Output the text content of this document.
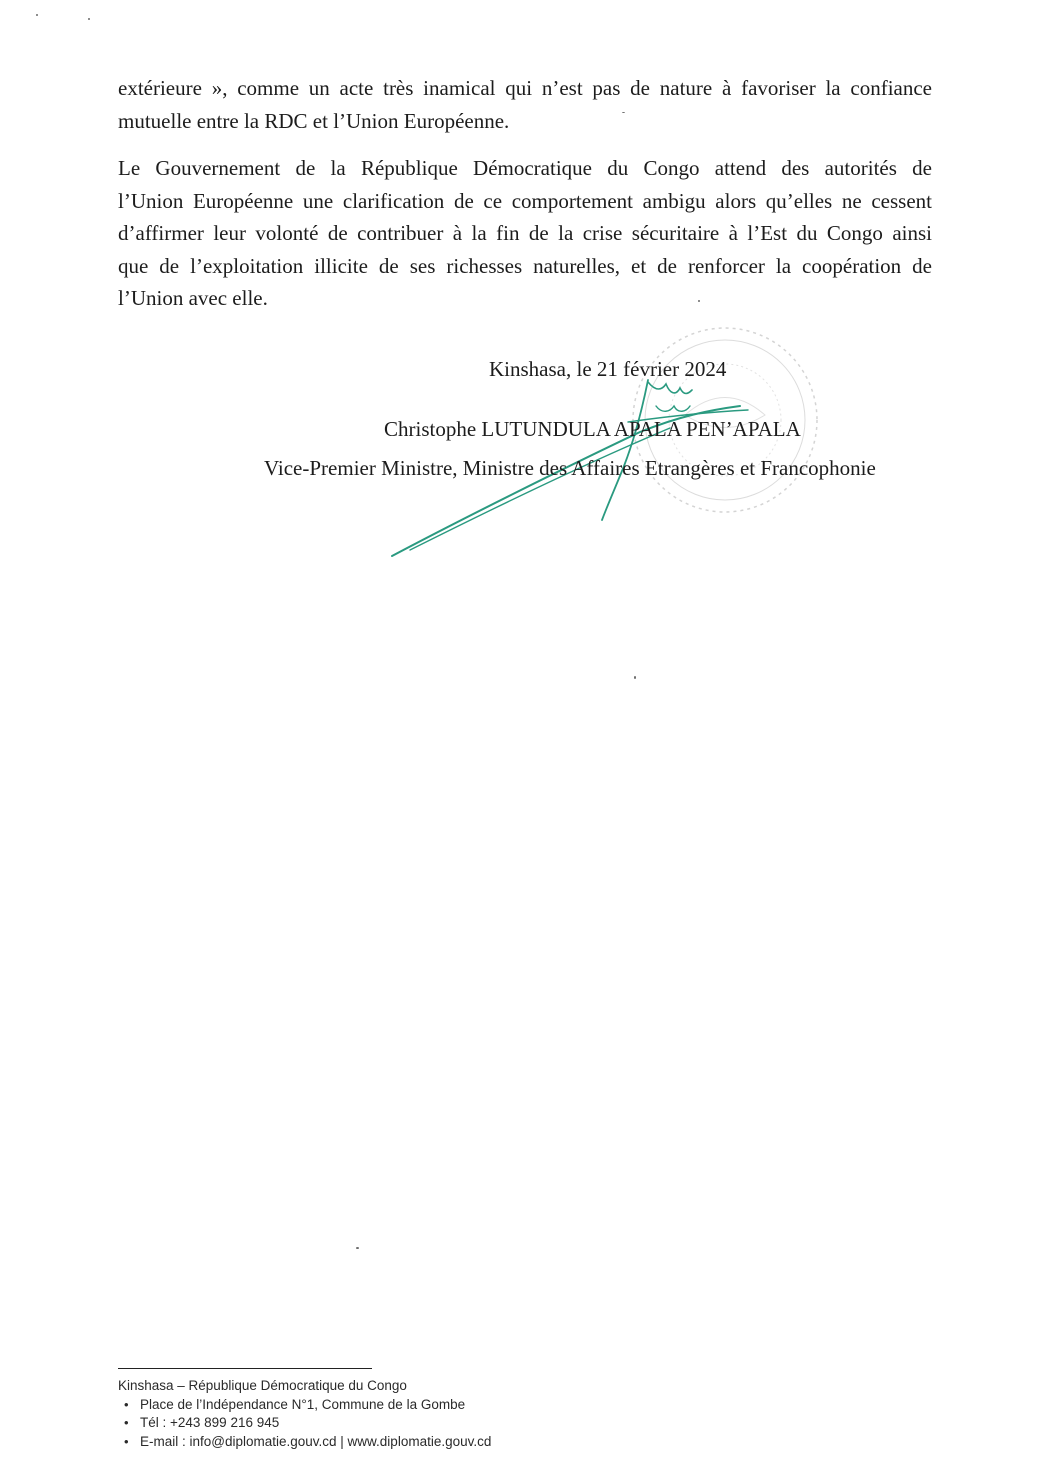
extérieure », comme un acte très inamical qui n’est pas de nature à favoriser la confiance
mutuelle entre la RDC et l’Union Européenne.

Le Gouvernement de la République Démocratique du Congo attend des autorités de
l’Union Européenne une clarification de ce comportement ambigu alors qu’elles ne cessent
d’affirmer leur volonté de contribuer à la fin de la crise sécuritaire à l’Est du Congo ainsi
que de l’exploitation illicite de ses richesses naturelles, et de renforcer la coopération de
l’Union avec elle.

Kinshasa, le 21 février 2024
Christophe LUTUNDULA APALA PEN’APALA
Vice-Premier Ministre, Ministre des Affaires Etrangères et Francophonie
Kinshasa – République Démocratique du Congo
• Place de l’Indépendance N°1, Commune de la Gombe
• Tél : +243 899 216 945
• E-mail : info@diplomatie.gouv.cd | www.diplomatie.gouv.cd
